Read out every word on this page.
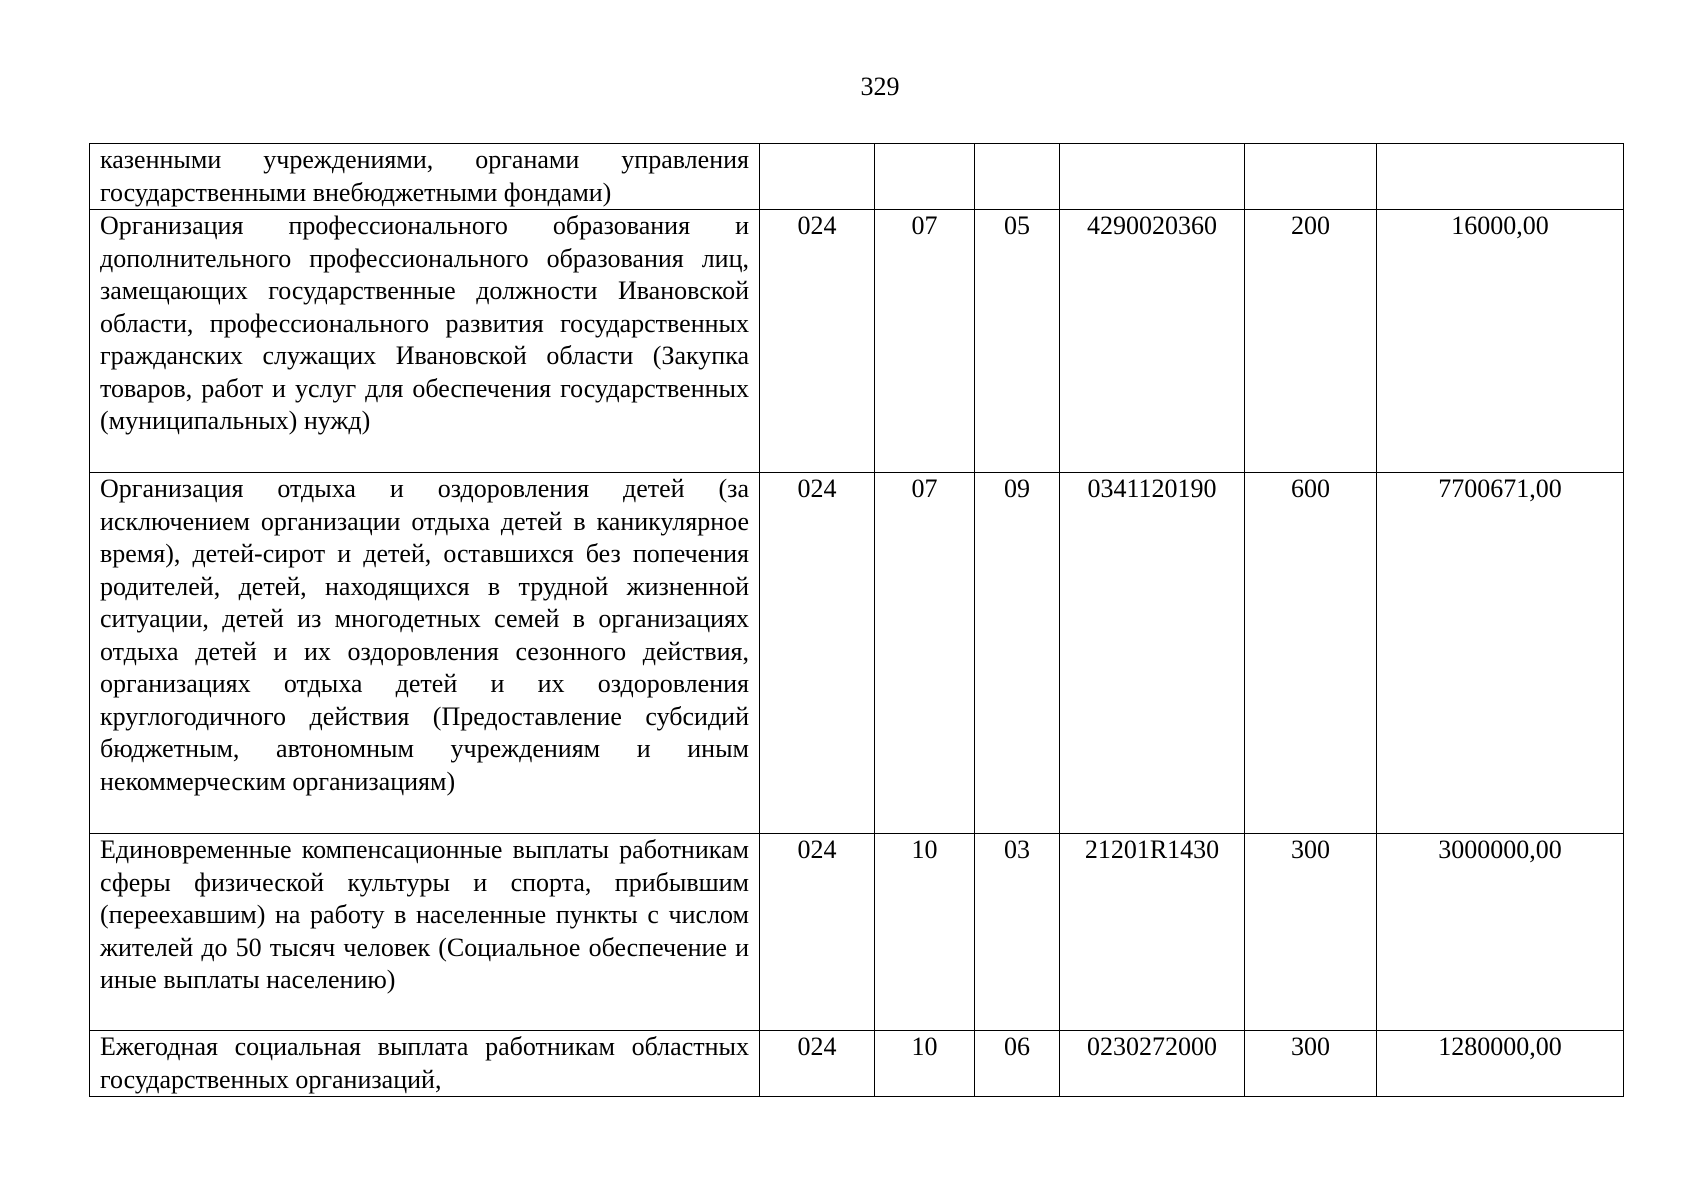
329
казенными учреждениями, органами управления государственными внебюджетными фондами)						
Организация профессионального образования и дополнительного профессионального образования лиц, замещающих государственные должности Ивановской области, профессионального развития государственных гражданских служащих Ивановской области (Закупка товаров, работ и услуг для обеспечения государственных (муниципальных) нужд)	024	07	05	4290020360	200	16000,00
Организация отдыха и оздоровления детей (за исключением организации отдыха детей в каникулярное время), детей-сирот и детей, оставшихся без попечения родителей, детей, находящихся в трудной жизненной ситуации, детей из многодетных семей в организациях отдыха детей и их оздоровления сезонного действия, организациях отдыха детей и их оздоровления круглогодичного действия (Предоставление субсидий бюджетным, автономным учреждениям и иным некоммерческим организациям)	024	07	09	0341120190	600	7700671,00
Единовременные компенсационные выплаты работникам сферы физической культуры и спорта, прибывшим (переехавшим) на работу в населенные пункты с числом жителей до 50 тысяч человек (Социальное обеспечение и иные выплаты населению)	024	10	03	21201R1430	300	3000000,00
Ежегодная социальная выплата работникам областных государственных организаций,	024	10	06	0230272000	300	1280000,00
